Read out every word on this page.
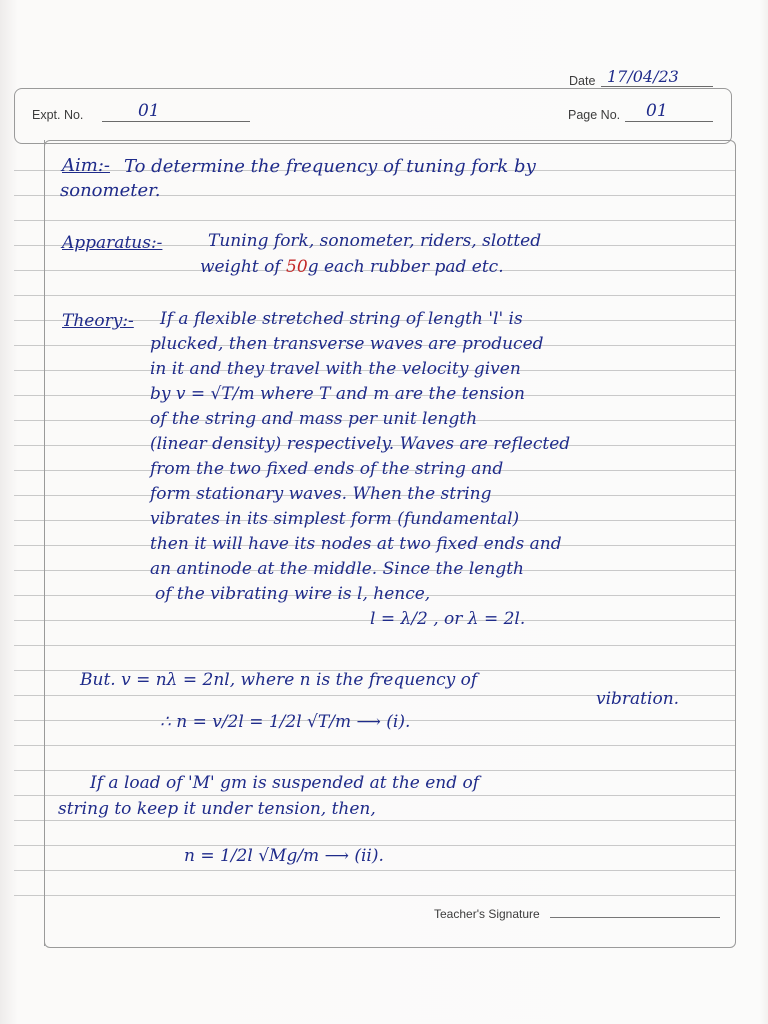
Date 17/04/23
Expt. No.	01	Page No. 01
Aim:- To determine the frequency of tuning fork by
sonometer.
Apparatus:-	Tuning fork, sonometer, riders, slotted
weight of 50g each rubber pad etc.
Theory:- If a flexible stretched string of length 'l' is
plucked, then transverse waves are produced
in it and they travel with the velocity given
by v = √T/m where T and m are the tension
of the string and mass per unit length
(linear density) respectively. Waves are reflected
from the two fixed ends of the string and
form stationary waves. When the string
vibrates in its simplest form (fundamental)
then it will have its nodes at two fixed ends and
an antinode at the middle. Since the length
of the vibrating wire is l, hence,
l = λ/2 , or λ = 2l.
But. v = nλ = 2nl, where n is the frequency of
vibration.
∴ n = v/2l = 1/2l √T/m ⟶ (i).
If a load of 'M' gm is suspended at the end of
string to keep it under tension, then,
n = 1/2l √Mg/m ⟶ (ii).
Teacher's Signature
